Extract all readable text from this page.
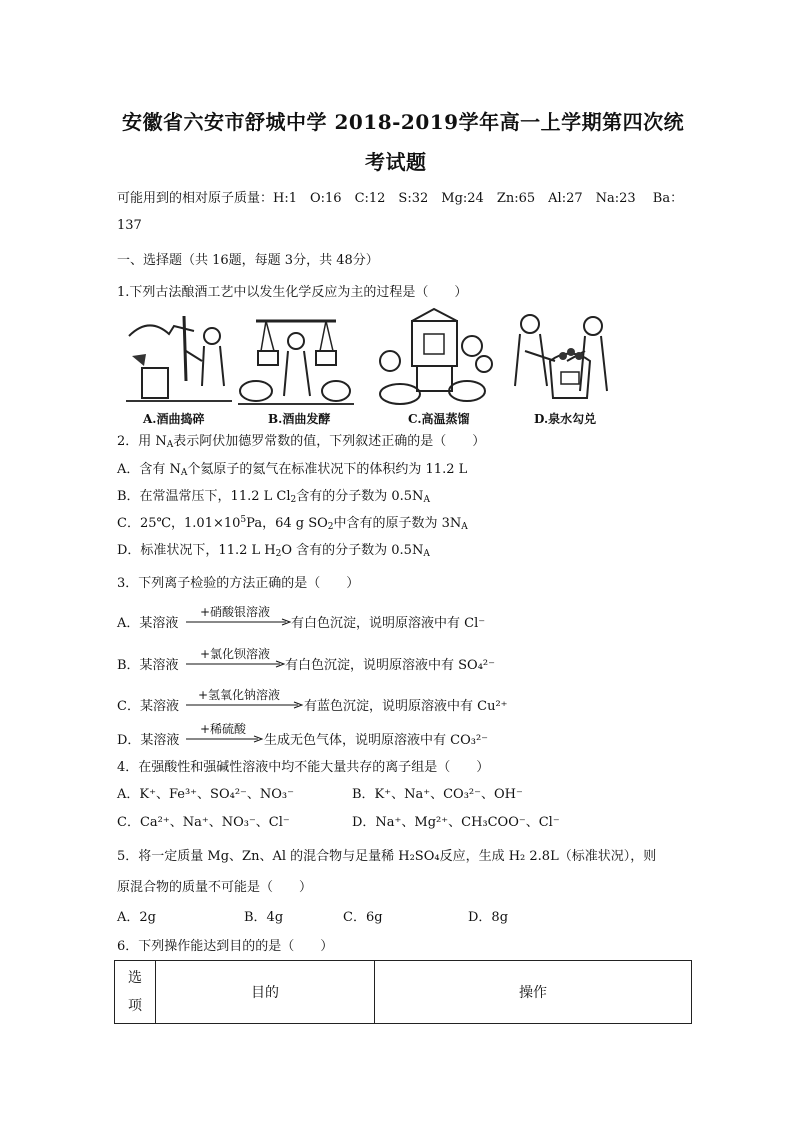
安徽省六安市舒城中学 2018-2019学年高一上学期第四次统
考试题
可能用到的相对原子质量：H:1　O:16　C:12　S:32　Mg:24　Zn:65　Al:27　Na:23　 Ba：
137
一、选择题（共 16题，每题 3分，共 48分）
1.下列古法酿酒工艺中以发生化学反应为主的过程是（　　）
A.酒曲捣碎	B.酒曲发酵	C.高温蒸馏	D.泉水勾兑
2．用 $N_A$表示阿伏加德罗常数的值，下列叙述正确的是（　　）
A．含有 $N_A$个氦原子的氦气在标准状况下的体积约为 11.2 L
B．在常温常压下，11.2 L $Cl_2$含有的分子数为 $0.5N_A$
C．25℃，$1.01\times 10^5Pa$，64 g $SO_2$中含有的原子数为 $3N_A$
D．标准状况下，11.2 L $H_2O$ 含有的分子数为 $0.5N_A$
3．下列离子检验的方法正确的是（　　）
A．某溶液
+硝酸银溶液
有白色沉淀，说明原溶液中有 Cl⁻
B．某溶液
+氯化钡溶液
有白色沉淀，说明原溶液中有 SO₄²⁻
C．某溶液
+氢氧化钠溶液
有蓝色沉淀，说明原溶液中有 Cu²⁺
D．某溶液
+稀硫酸
生成无色气体，说明原溶液中有 CO₃²⁻
4．在强酸性和强碱性溶液中均不能大量共存的离子组是（　　）
A．K⁺、Fe³⁺、SO₄²⁻、NO₃⁻	B．K⁺、Na⁺、CO₃²⁻、OH⁻
C．Ca²⁺、Na⁺、NO₃⁻、Cl⁻	D．Na⁺、Mg²⁺、CH₃COO⁻、Cl⁻
5．将一定质量 Mg、Zn、Al 的混合物与足量稀 H₂SO₄反应，生成 H₂ 2.8L（标准状况），则
原混合物的质量不可能是（　　）
A．2g	B．4g	C．6g	D．8g
6．下列操作能达到目的的是（　　）
选
项	目的	操作
